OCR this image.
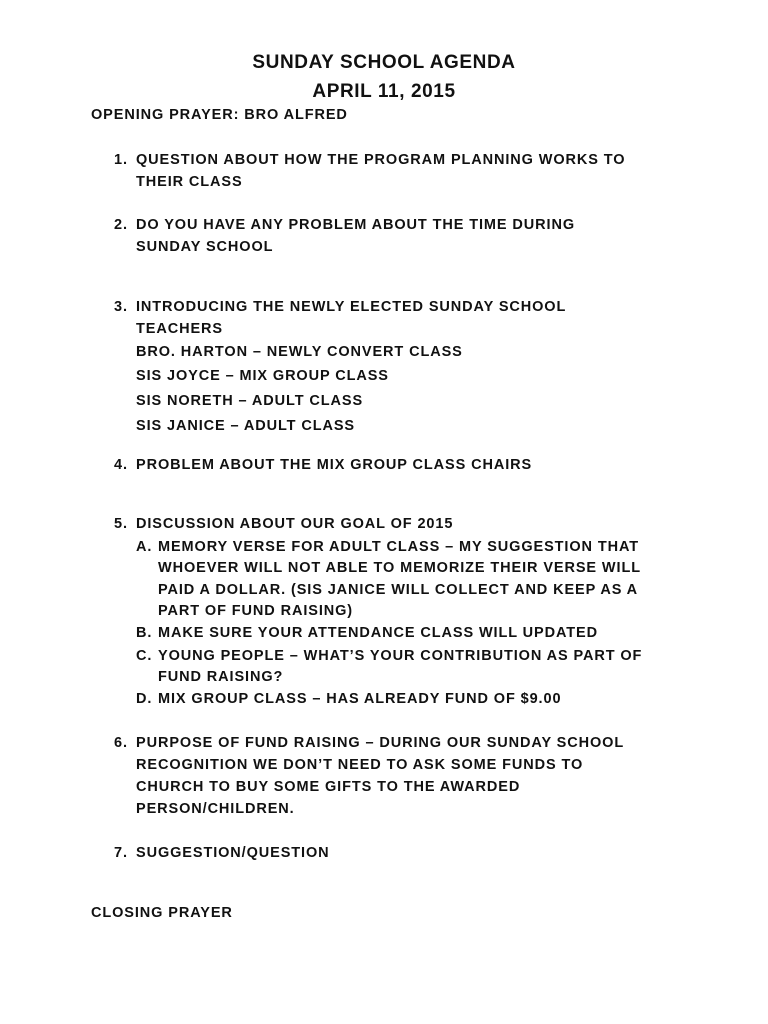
SUNDAY SCHOOL AGENDA
APRIL 11, 2015
OPENING PRAYER: BRO ALFRED
1. QUESTION ABOUT HOW THE PROGRAM PLANNING WORKS TO
THEIR CLASS
2. DO YOU HAVE ANY PROBLEM ABOUT THE TIME DURING
SUNDAY SCHOOL
3. INTRODUCING THE NEWLY ELECTED SUNDAY SCHOOL
TEACHERS
BRO. HARTON – NEWLY CONVERT CLASS
SIS JOYCE – MIX GROUP CLASS
SIS NORETH – ADULT CLASS
SIS JANICE – ADULT CLASS
4. PROBLEM ABOUT THE MIX GROUP CLASS CHAIRS
5. DISCUSSION ABOUT OUR GOAL OF 2015
A. MEMORY VERSE FOR ADULT CLASS – MY SUGGESTION THAT
WHOEVER WILL NOT ABLE TO MEMORIZE THEIR VERSE WILL
PAID A DOLLAR. (SIS JANICE WILL COLLECT AND KEEP AS A
PART OF FUND RAISING)
B. MAKE SURE YOUR ATTENDANCE CLASS WILL UPDATED
C. YOUNG PEOPLE – WHAT’S YOUR CONTRIBUTION AS PART OF
FUND RAISING?
D. MIX GROUP CLASS – HAS ALREADY FUND OF $9.00
6. PURPOSE OF FUND RAISING – DURING OUR SUNDAY SCHOOL
RECOGNITION WE DON’T NEED TO ASK SOME FUNDS TO
CHURCH TO BUY SOME GIFTS TO THE AWARDED
PERSON/CHILDREN.
7. SUGGESTION/QUESTION
CLOSING PRAYER
